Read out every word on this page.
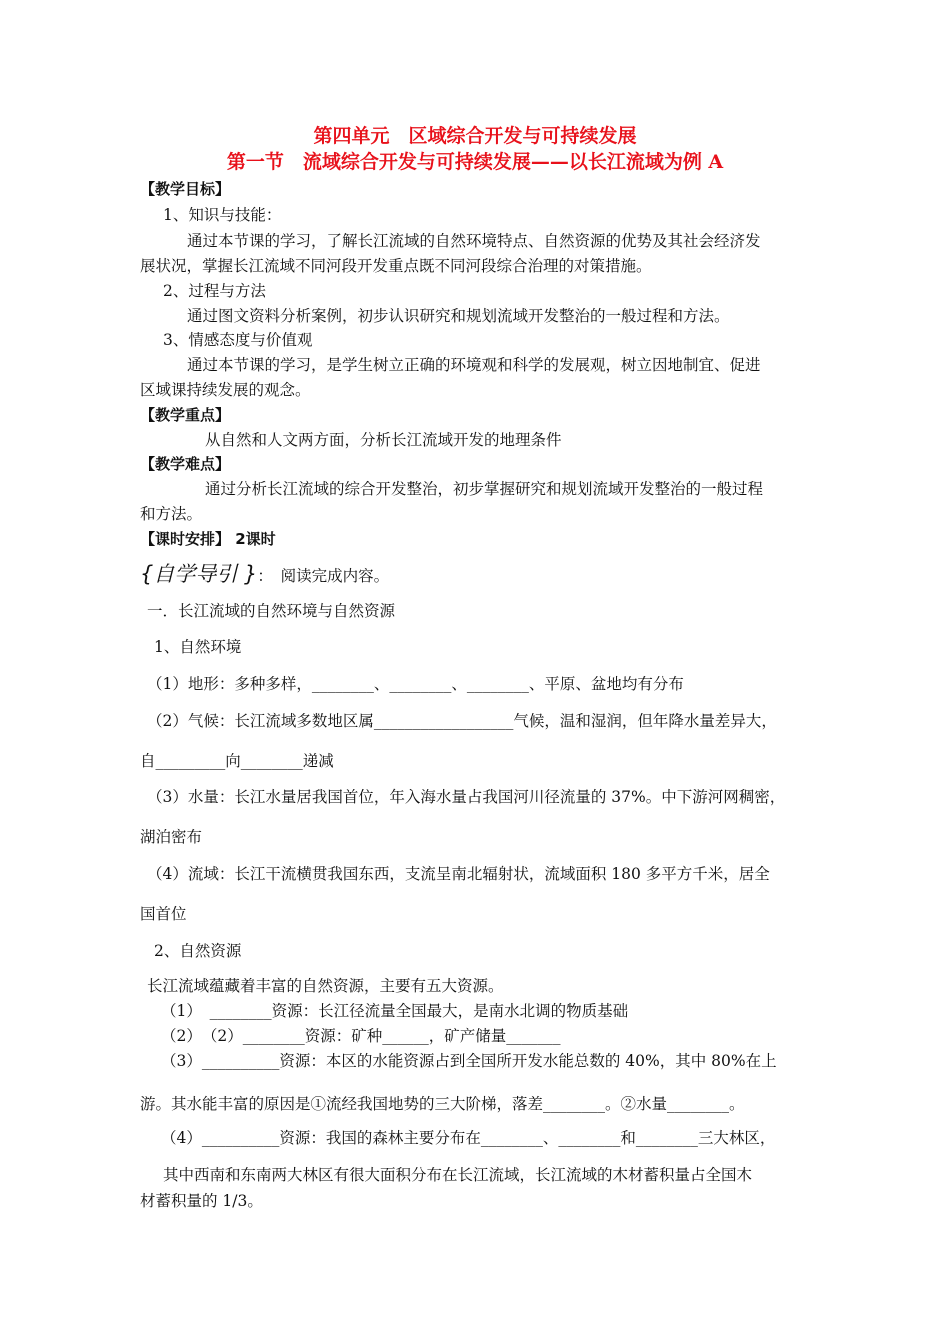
第四单元　区域综合开发与可持续发展
第一节　流域综合开发与可持续发展——以长江流域为例 A
【教学目标】
1、知识与技能：
通过本节课的学习，了解长江流域的自然环境特点、自然资源的优势及其社会经济发
展状况，掌握长江流域不同河段开发重点既不同河段综合治理的对策措施。
2、过程与方法
通过图文资料分析案例，初步认识研究和规划流域开发整治的一般过程和方法。
3、情感态度与价值观
通过本节课的学习，是学生树立正确的环境观和科学的发展观，树立因地制宜、促进
区域课持续发展的观念。
【教学重点】
从自然和人文两方面，分析长江流域开发的地理条件
【教学难点】
通过分析长江流域的综合开发整治，初步掌握研究和规划流域开发整治的一般过程
和方法。
【课时安排】 2课时
{自学导引 }：　阅读完成内容。
一．长江流域的自然环境与自然资源
1、自然环境
（1）地形：多种多样，________、________、________、平原、盆地均有分布
（2）气候：长江流域多数地区属__________________气候，温和湿润，但年降水量差异大，
自_________向________递减
（3）水量：长江水量居我国首位，年入海水量占我国河川径流量的 37%。中下游河网稠密，
湖泊密布
（4）流域：长江干流横贯我国东西，支流呈南北辐射状，流域面积 180 多平方千米，居全
国首位
2、自然资源
长江流域蕴藏着丰富的自然资源，主要有五大资源。
（1）　________资源：长江径流量全国最大，是南水北调的物质基础
（2）　（2）________资源：矿种______，矿产储量_______
（3）__________资源：本区的水能资源占到全国所开发水能总数的 40%，其中 80%在上
游。其水能丰富的原因是①流经我国地势的三大阶梯，落差________。②水量________。
（4）__________资源：我国的森林主要分布在________、________和________三大林区，
其中西南和东南两大林区有很大面积分布在长江流域，长江流域的木材蓄积量占全国木
材蓄积量的 1/3。
